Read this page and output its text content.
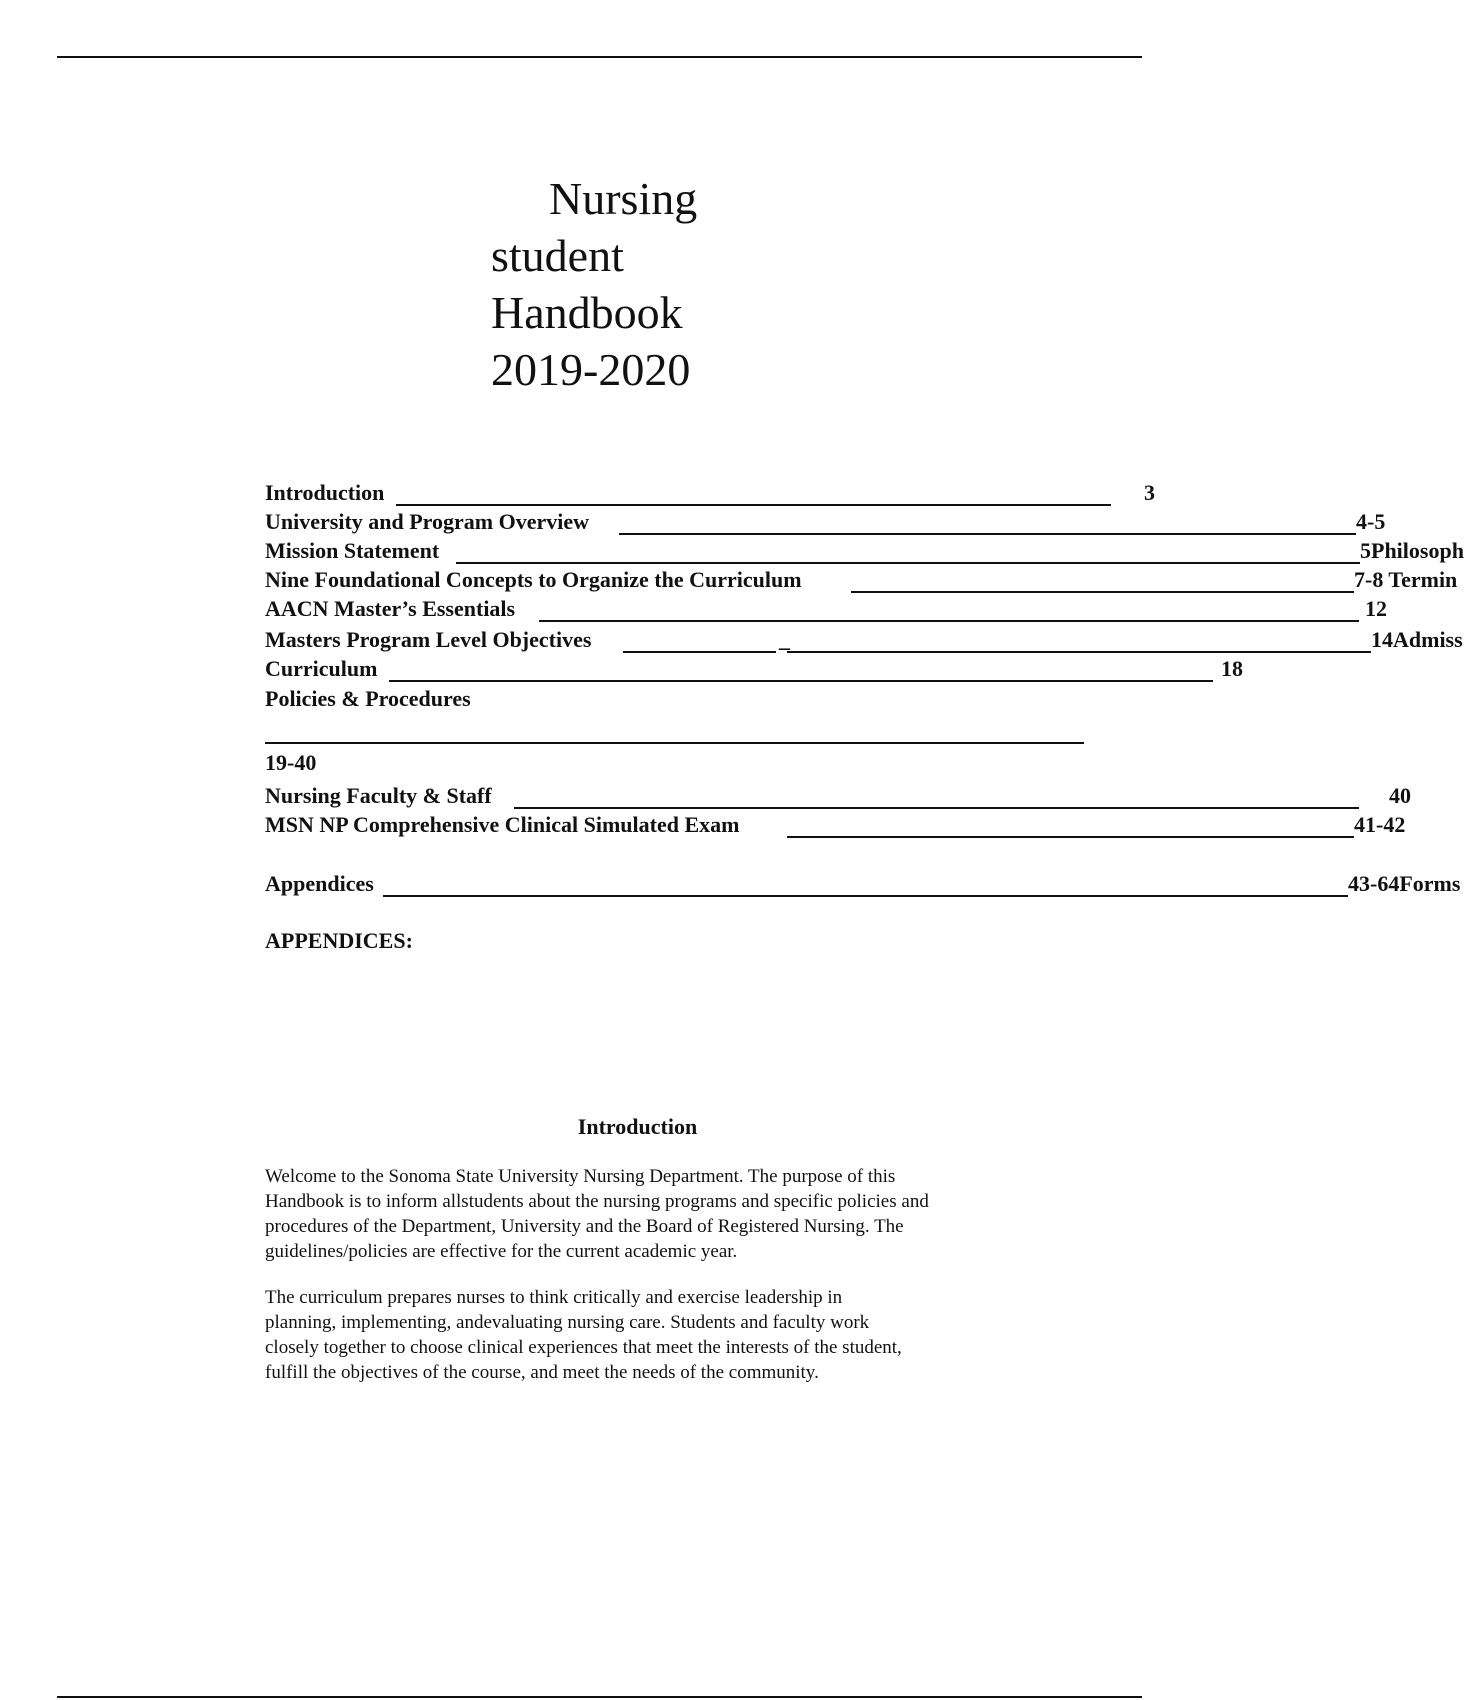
Nursing
student
Handbook
2019-2020
Introduction	3
University and Program Overview	4-5
Mission Statement	5Philosoph
Nine Foundational Concepts to Organize the Curriculum	7-8 Termin
AACN Master’s Essentials	12
Masters Program Level Objectives	_	14Admiss
Curriculum	18
Policies & Procedures
19-40
Nursing Faculty & Staff	40
MSN NP Comprehensive Clinical Simulated Exam	41-42
Appendices	43-64Forms
APPENDICES:
Introduction
Welcome to the Sonoma State University Nursing Department. The purpose of this
Handbook is to inform allstudents about the nursing programs and specific policies and
procedures of the Department, University and the Board of Registered Nursing. The
guidelines/policies are effective for the current academic year.
The curriculum prepares nurses to think critically and exercise leadership in
planning, implementing, andevaluating nursing care. Students and faculty work
closely together to choose clinical experiences that meet the interests of the student,
fulfill the objectives of the course, and meet the needs of the community.
